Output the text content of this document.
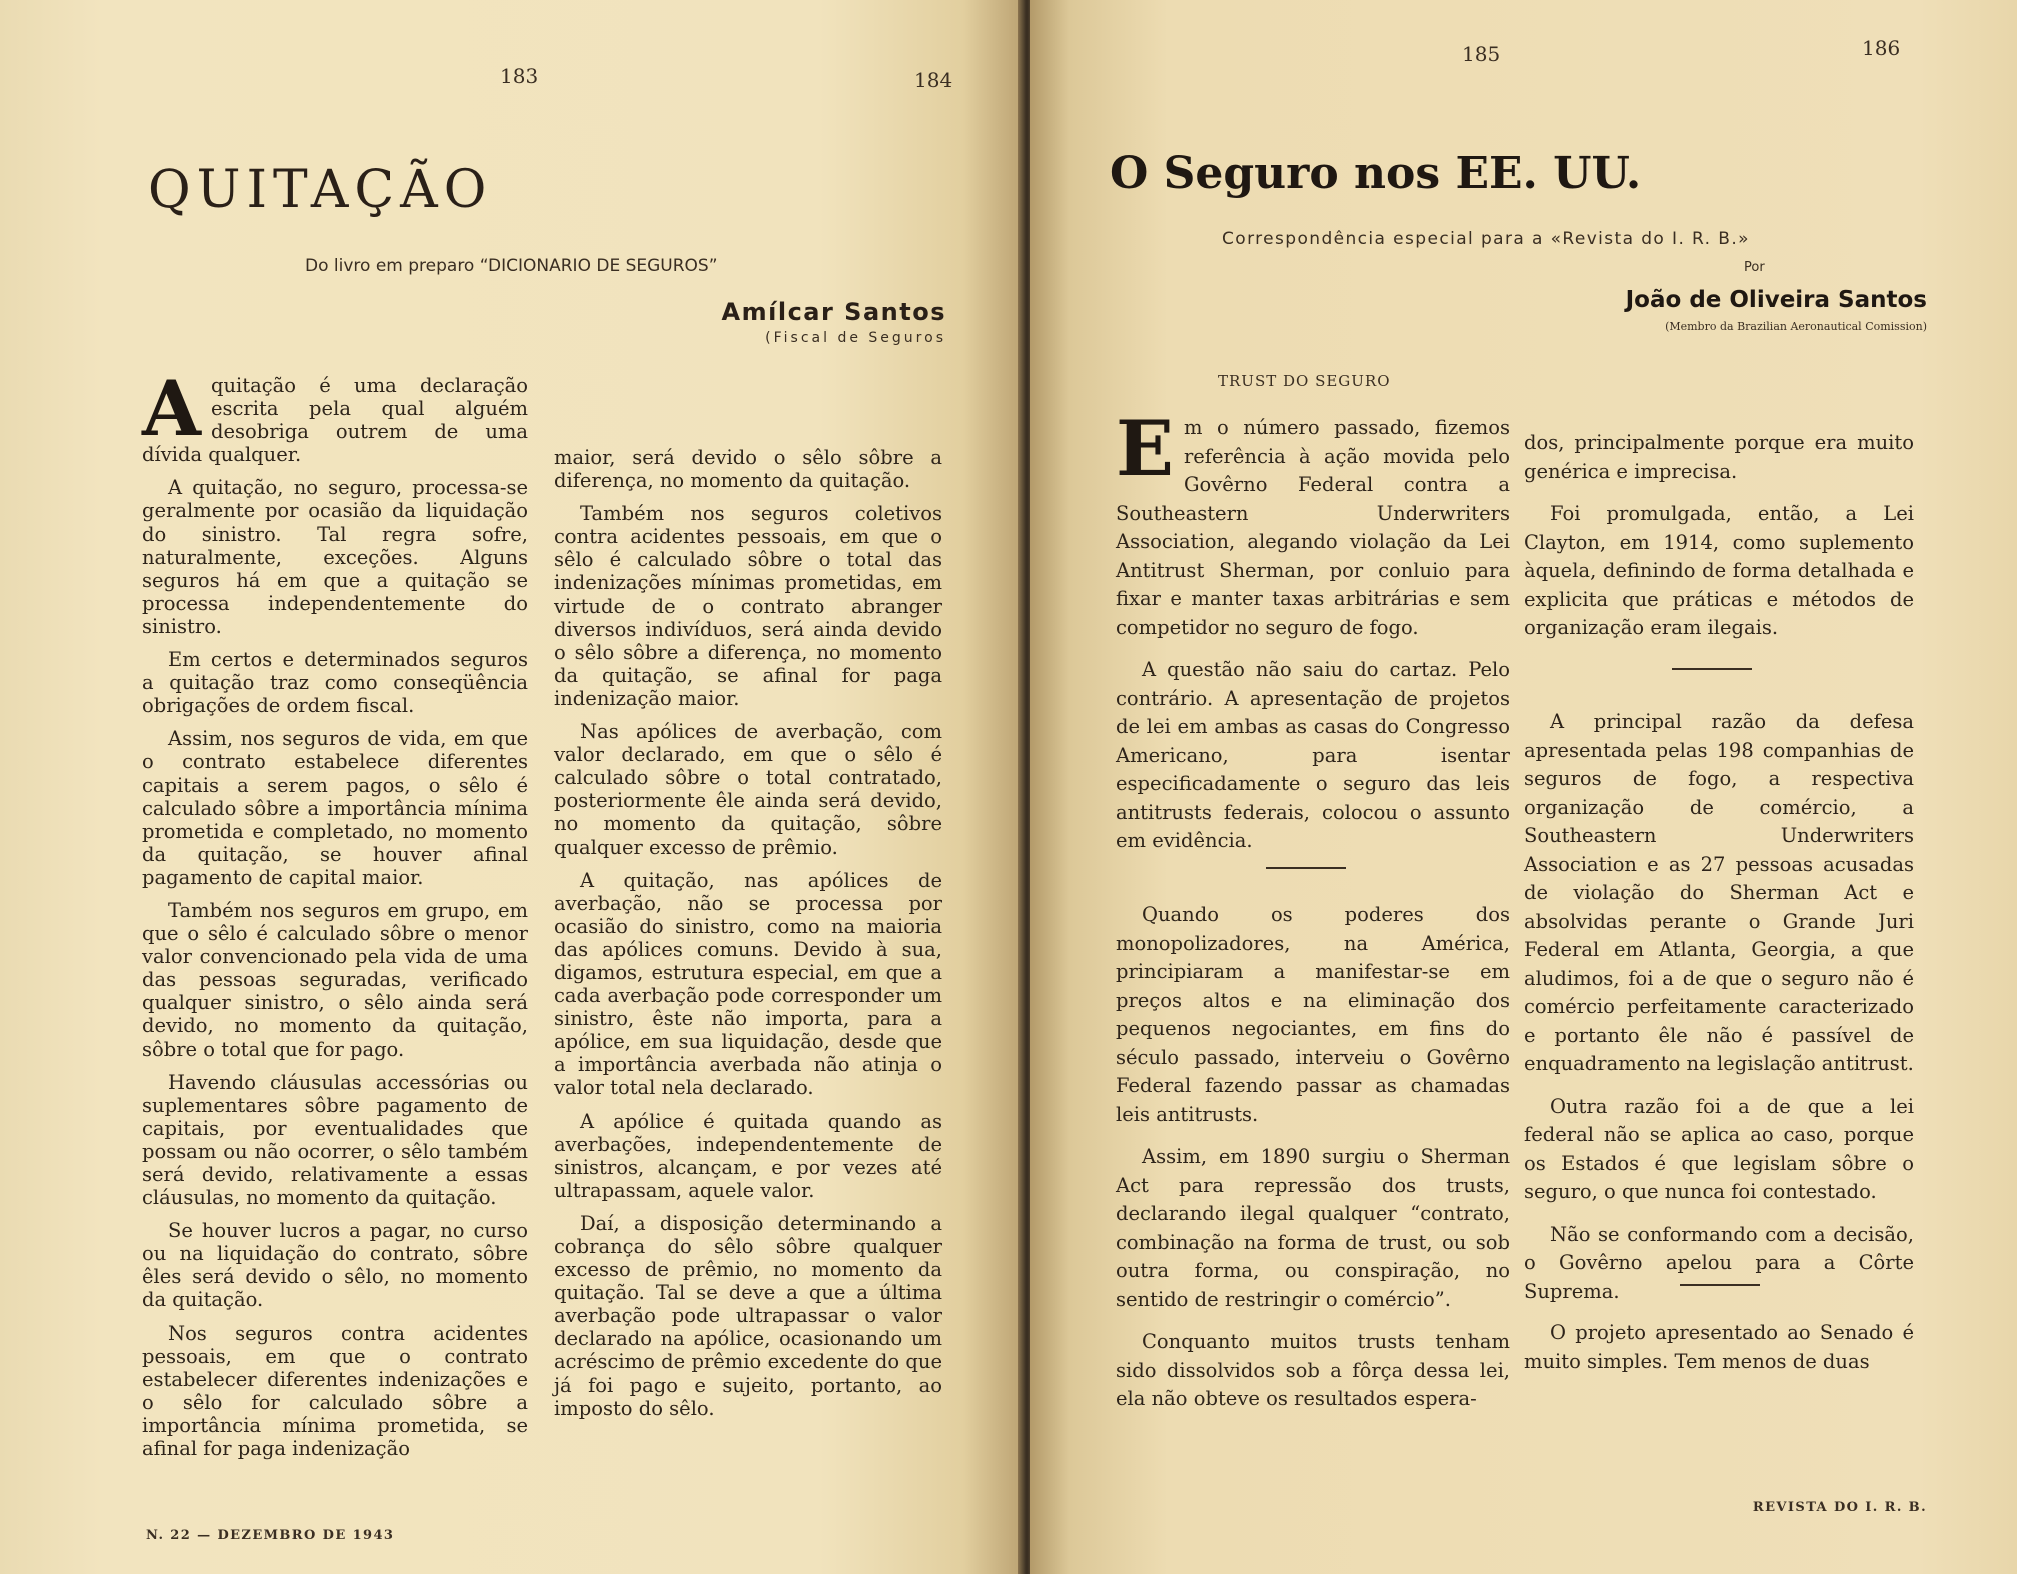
183	184
QUITAÇÃO
Do livro em preparo “DICIONARIO DE SEGUROS”
Amílcar Santos
(Fiscal de Seguros

Aquitação é uma declaração escrita pela qual alguém desobriga outrem de uma dívida qualquer.

A quitação, no seguro, processa-se geralmente por ocasião da liquidação do sinistro. Tal regra sofre, naturalmente, exceções. Alguns seguros há em que a quitação se processa independentemente do sinistro.

Em certos e determinados seguros a quitação traz como conseqüência obrigações de ordem fiscal.

Assim, nos seguros de vida, em que o contrato estabelece diferentes capitais a serem pagos, o sêlo é calculado sôbre a importância mínima prometida e completado, no momento da quitação, se houver afinal pagamento de capital maior.

Também nos seguros em grupo, em que o sêlo é calculado sôbre o menor valor convencionado pela vida de uma das pessoas seguradas, verificado qualquer sinistro, o sêlo ainda será devido, no momento da quitação, sôbre o total que for pago.

Havendo cláusulas accessórias ou suplementares sôbre pagamento de capitais, por eventualidades que possam ou não ocorrer, o sêlo também será devido, relativamente a essas cláusulas, no momento da quitação.

Se houver lucros a pagar, no curso ou na liquidação do contrato, sôbre êles será devido o sêlo, no momento da quitação.

Nos seguros contra acidentes pessoais, em que o contrato estabelecer diferentes indenizações e o sêlo for calculado sôbre a importância mínima prometida, se afinal for paga indenização

maior, será devido o sêlo sôbre a diferença, no momento da quitação.

Também nos seguros coletivos contra acidentes pessoais, em que o sêlo é calculado sôbre o total das indenizações mínimas prometidas, em virtude de o contrato abranger diversos indivíduos, será ainda devido o sêlo sôbre a diferença, no momento da quitação, se afinal for paga indenização maior.

Nas apólices de averbação, com valor declarado, em que o sêlo é calculado sôbre o total contratado, posteriormente êle ainda será devido, no momento da quitação, sôbre qualquer excesso de prêmio.

A quitação, nas apólices de averbação, não se processa por ocasião do sinistro, como na maioria das apólices comuns. Devido à sua, digamos, estrutura especial, em que a cada averbação pode corresponder um sinistro, êste não importa, para a apólice, em sua liquidação, desde que a importância averbada não atinja o valor total nela declarado.

A apólice é quitada quando as averbações, independentemente de sinistros, alcançam, e por vezes até ultrapassam, aquele valor.

Daí, a disposição determinando a cobrança do sêlo sôbre qualquer excesso de prêmio, no momento da quitação. Tal se deve a que a última averbação pode ultrapassar o valor declarado na apólice, ocasionando um acréscimo de prêmio excedente do que já foi pago e sujeito, portanto, ao imposto do sêlo.

N. 22 — DEZEMBRO DE 1943
185	186
O Seguro nos EE. UU.
Correspondência especial para a «Revista do I. R. B.»
Por
João de Oliveira Santos
(Membro da Brazilian Aeronautical Comission)
TRUST DO SEGURO

Em o número passado, fizemos referência à ação movida pelo Govêrno Federal contra a Southeastern Underwriters Association, alegando violação da Lei Antitrust Sherman, por conluio para fixar e manter taxas arbitrárias e sem competidor no seguro de fogo.

A questão não saiu do cartaz. Pelo contrário. A apresentação de projetos de lei em ambas as casas do Congresso Americano, para isentar especificadamente o seguro das leis antitrusts federais, colocou o assunto em evidência.

Quando os poderes dos monopolizadores, na América, principiaram a manifestar-se em preços altos e na eliminação dos pequenos negociantes, em fins do século passado, interveiu o Govêrno Federal fazendo passar as chamadas leis antitrusts.

Assim, em 1890 surgiu o Sherman Act para repressão dos trusts, declarando ilegal qualquer “contrato, combinação na forma de trust, ou sob outra forma, ou conspiração, no sentido de restringir o comércio”.

Conquanto muitos trusts tenham sido dissolvidos sob a fôrça dessa lei, ela não obteve os resultados espera-

dos, principalmente porque era muito genérica e imprecisa.

Foi promulgada, então, a Lei Clayton, em 1914, como suplemento àquela, definindo de forma detalhada e explicita que práticas e métodos de organização eram ilegais.

A principal razão da defesa apresentada pelas 198 companhias de seguros de fogo, a respectiva organização de comércio, a Southeastern Underwriters Association e as 27 pessoas acusadas de violação do Sherman Act e absolvidas perante o Grande Juri Federal em Atlanta, Georgia, a que aludimos, foi a de que o seguro não é comércio perfeitamente caracterizado e portanto êle não é passível de enquadramento na legislação antitrust.

Outra razão foi a de que a lei federal não se aplica ao caso, porque os Estados é que legislam sôbre o seguro, o que nunca foi contestado.

Não se conformando com a decisão, o Govêrno apelou para a Côrte Suprema.

O projeto apresentado ao Senado é muito simples. Tem menos de duas

REVISTA DO I. R. B.
